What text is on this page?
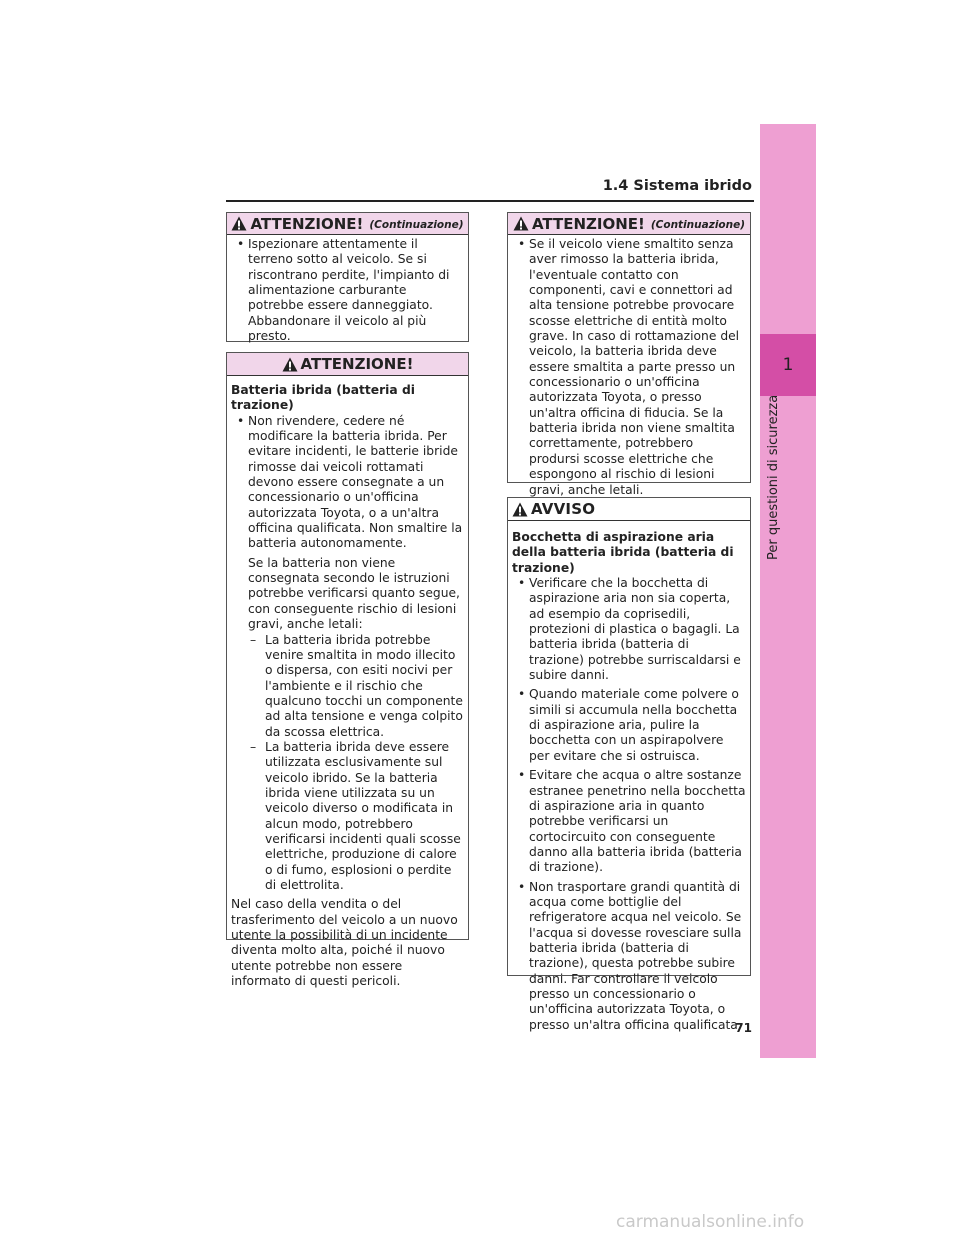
1.4 Sistema ibrido
1
Per questioni di sicurezza
ATTENZIONE! (Continuazione)

• Ispezionare attentamente il terreno sotto al veicolo. Se si riscontrano perdite, l'impianto di alimentazione carburante potrebbe essere danneggiato. Abbandonare il veicolo al più presto.

ATTENZIONE!

Batteria ibrida (batteria di trazione)

• Non rivendere, cedere né modificare la batteria ibrida. Per evitare incidenti, le batterie ibride rimosse dai veicoli rottamati devono essere consegnate a un concessionario o un'officina autorizzata Toyota, o a un'altra officina qualificata. Non smaltire la batteria autonomamente.

Se la batteria non viene consegnata secondo le istruzioni potrebbe verificarsi quanto segue, con conseguente rischio di lesioni gravi, anche letali:

– La batteria ibrida potrebbe venire smaltita in modo illecito o dispersa, con esiti nocivi per l'ambiente e il rischio che qualcuno tocchi un componente ad alta tensione e venga colpito da scossa elettrica.

– La batteria ibrida deve essere utilizzata esclusivamente sul veicolo ibrido. Se la batteria ibrida viene utilizzata su un veicolo diverso o modificata in alcun modo, potrebbero verificarsi incidenti quali scosse elettriche, produzione di calore o di fumo, esplosioni o perdite di elettrolita.

Nel caso della vendita o del trasferimento del veicolo a un nuovo utente la possibilità di un incidente diventa molto alta, poiché il nuovo utente potrebbe non essere informato di questi pericoli.

ATTENZIONE! (Continuazione)

• Se il veicolo viene smaltito senza aver rimosso la batteria ibrida, l'eventuale contatto con componenti, cavi e connettori ad alta tensione potrebbe provocare scosse elettriche di entità molto grave. In caso di rottamazione del veicolo, la batteria ibrida deve essere smaltita a parte presso un concessionario o un'officina autorizzata Toyota, o presso un'altra officina di fiducia. Se la batteria ibrida non viene smaltita correttamente, potrebbero prodursi scosse elettriche che espongono al rischio di lesioni gravi, anche letali.

AVVISO

Bocchetta di aspirazione aria della batteria ibrida (batteria di trazione)

• Verificare che la bocchetta di aspirazione aria non sia coperta, ad esempio da coprisedili, protezioni di plastica o bagagli. La batteria ibrida (batteria di trazione) potrebbe surriscaldarsi e subire danni.

• Quando materiale come polvere o simili si accumula nella bocchetta di aspirazione aria, pulire la bocchetta con un aspirapolvere per evitare che si ostruisca.

• Evitare che acqua o altre sostanze estranee penetrino nella bocchetta di aspirazione aria in quanto potrebbe verificarsi un cortocircuito con conseguente danno alla batteria ibrida (batteria di trazione).

• Non trasportare grandi quantità di acqua come bottiglie del refrigeratore acqua nel veicolo. Se l'acqua si dovesse rovesciare sulla batteria ibrida (batteria di trazione), questa potrebbe subire danni. Far controllare il veicolo presso un concessionario o un'officina autorizzata Toyota, o presso un'altra officina qualificata.

71
carmanualsonline.info
